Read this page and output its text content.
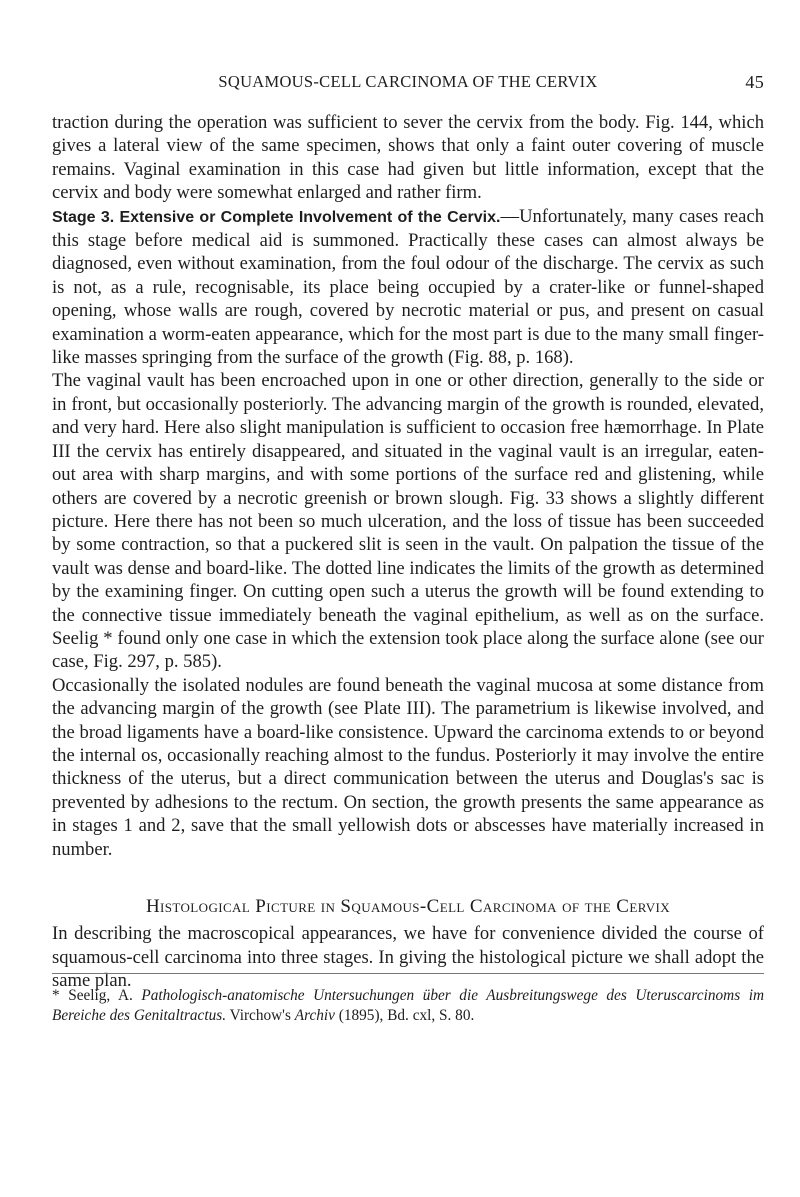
SQUAMOUS-CELL CARCINOMA OF THE CERVIX	45

traction during the operation was sufficient to sever the cervix from the body. Fig. 144, which gives a lateral view of the same specimen, shows that only a faint outer covering of muscle remains. Vaginal examination in this case had given but little information, except that the cervix and body were somewhat enlarged and rather firm.

Stage 3. Extensive or Complete Involvement of the Cervix.—Unfortunately, many cases reach this stage before medical aid is summoned. Practically these cases can almost always be diagnosed, even without examination, from the foul odour of the discharge. The cervix as such is not, as a rule, recognisable, its place being occupied by a crater-like or funnel-shaped opening, whose walls are rough, covered by necrotic material or pus, and present on casual examination a worm-eaten appearance, which for the most part is due to the many small finger-like masses springing from the surface of the growth (Fig. 88, p. 168).

The vaginal vault has been encroached upon in one or other direction, generally to the side or in front, but occasionally posteriorly. The advancing margin of the growth is rounded, elevated, and very hard. Here also slight manipulation is sufficient to occasion free hæmorrhage. In Plate III the cervix has entirely disappeared, and situated in the vaginal vault is an irregular, eaten-out area with sharp margins, and with some portions of the surface red and glistening, while others are covered by a necrotic greenish or brown slough. Fig. 33 shows a slightly different picture. Here there has not been so much ulceration, and the loss of tissue has been succeeded by some contraction, so that a puckered slit is seen in the vault. On palpation the tissue of the vault was dense and board-like. The dotted line indicates the limits of the growth as determined by the examining finger. On cutting open such a uterus the growth will be found extending to the connective tissue immediately beneath the vaginal epithelium, as well as on the surface. Seelig * found only one case in which the extension took place along the surface alone (see our case, Fig. 297, p. 585).

Occasionally the isolated nodules are found beneath the vaginal mucosa at some distance from the advancing margin of the growth (see Plate III). The parametrium is likewise involved, and the broad ligaments have a board-like consistence. Upward the carcinoma extends to or beyond the internal os, occasionally reaching almost to the fundus. Posteriorly it may involve the entire thickness of the uterus, but a direct communication between the uterus and Douglas's sac is prevented by adhesions to the rectum. On section, the growth presents the same appearance as in stages 1 and 2, save that the small yellowish dots or abscesses have materially increased in number.

Histological Picture in Squamous-Cell Carcinoma of the Cervix

In describing the macroscopical appearances, we have for convenience divided the course of squamous-cell carcinoma into three stages. In giving the histological picture we shall adopt the same plan.

* Seelig, A. Pathologisch-anatomische Untersuchungen über die Ausbreitungswege des Uteruscarcinoms im Bereiche des Genitaltractus. Virchow's Archiv (1895), Bd. cxl, S. 80.
